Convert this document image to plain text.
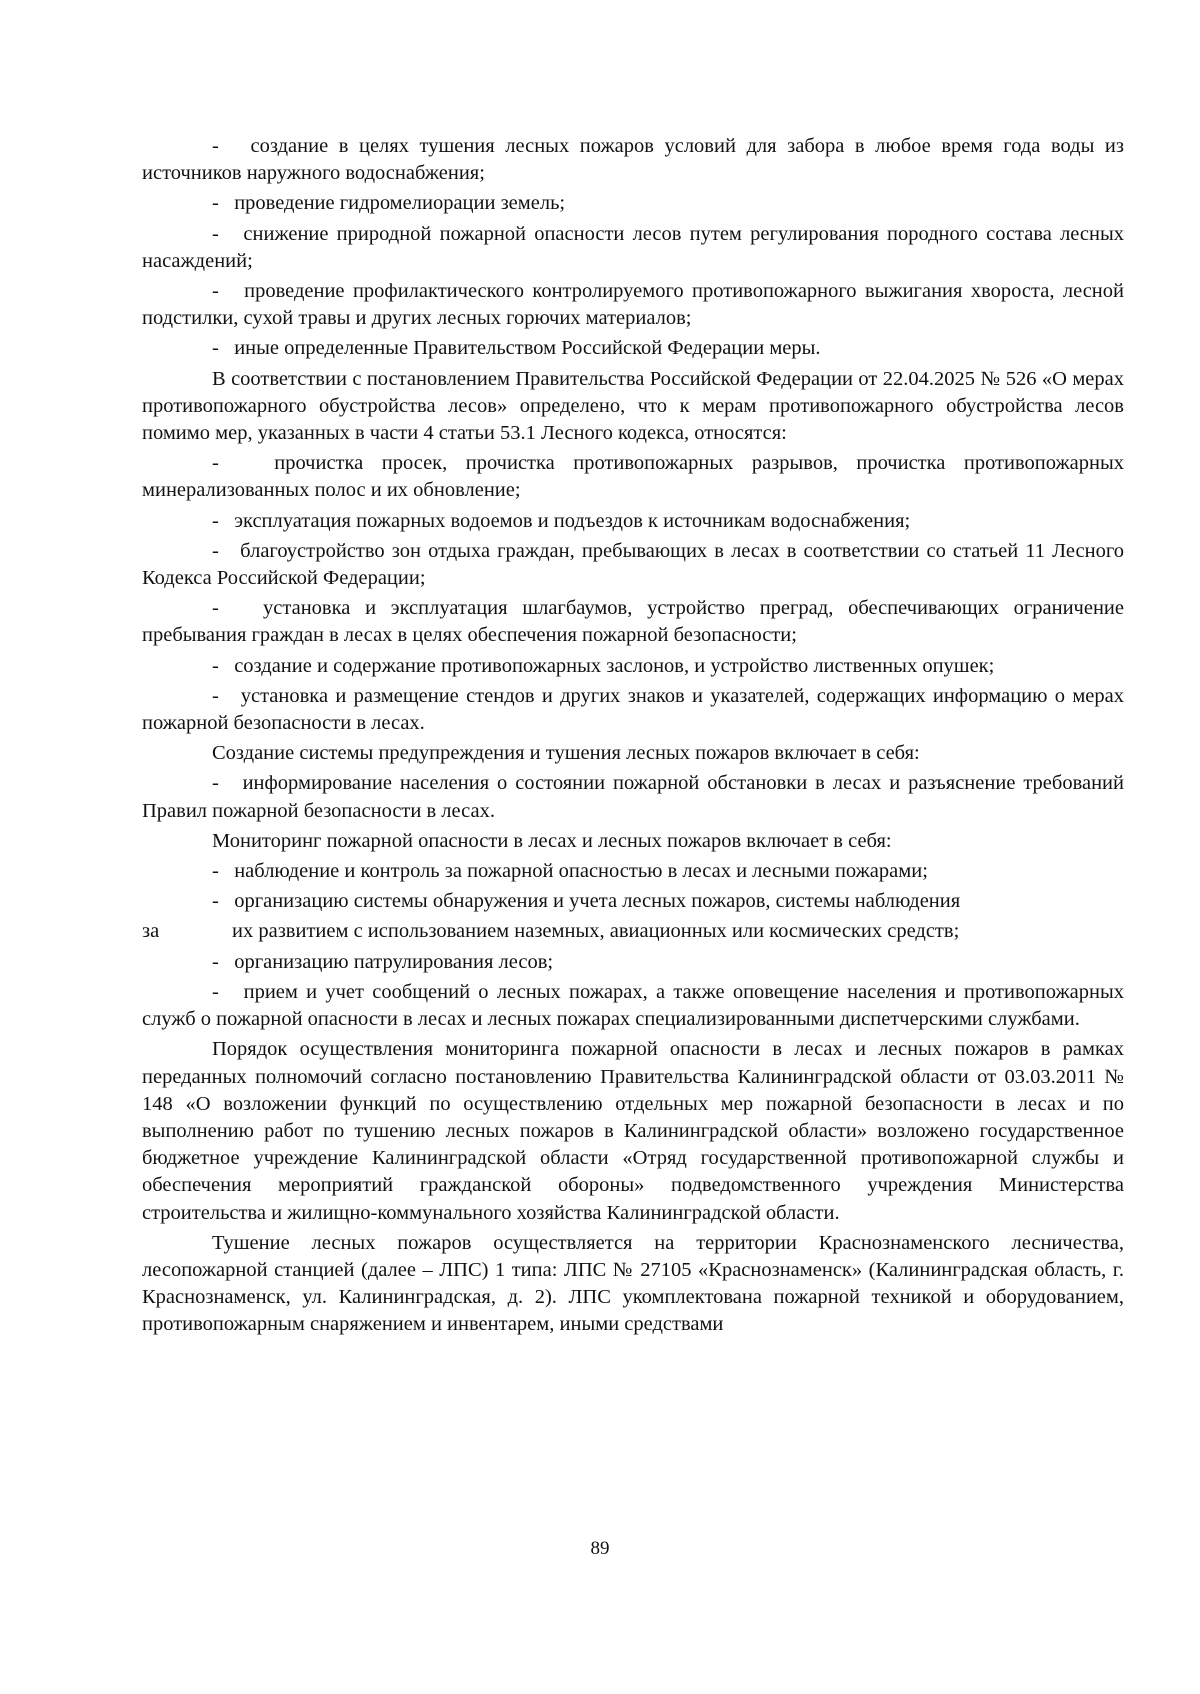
-   создание в целях тушения лесных пожаров условий для забора в любое время года воды из источников наружного водоснабжения;

-   проведение гидромелиорации земель;

-   снижение природной пожарной опасности лесов путем регулирования породного состава лесных насаждений;

-   проведение профилактического контролируемого противопожарного выжигания хвороста, лесной подстилки, сухой травы и других лесных горючих материалов;

-   иные определенные Правительством Российской Федерации меры.

В соответствии с постановлением Правительства Российской Федерации от 22.04.2025 № 526 «О мерах противопожарного обустройства лесов» определено, что к мерам противопожарного обустройства лесов помимо мер, указанных в части 4 статьи 53.1 Лесного кодекса, относятся:

-   прочистка просек, прочистка противопожарных разрывов, прочистка противопожарных минерализованных полос и их обновление;

-   эксплуатация пожарных водоемов и подъездов к источникам водоснабжения;

-   благоустройство зон отдыха граждан, пребывающих в лесах в соответствии со статьей 11 Лесного Кодекса Российской Федерации;

-   установка и эксплуатация шлагбаумов, устройство преград, обеспечивающих ограничение пребывания граждан в лесах в целях обеспечения пожарной безопасности;

-   создание и содержание противопожарных заслонов, и устройство лиственных опушек;

-   установка и размещение стендов и других знаков и указателей, содержащих информацию о мерах пожарной безопасности в лесах.

Создание системы предупреждения и тушения лесных пожаров включает в себя:

-   информирование населения о состоянии пожарной обстановки в лесах и разъяснение требований Правил пожарной безопасности в лесах.

Мониторинг пожарной опасности в лесах и лесных пожаров включает в себя:

-   наблюдение и контроль за пожарной опасностью в лесах и лесными пожарами;

-   организацию системы обнаружения и учета лесных пожаров, системы наблюдения

за	их развитием с использованием наземных, авиационных или космических средств;

-   организацию патрулирования лесов;

-   прием и учет сообщений о лесных пожарах, а также оповещение населения и противопожарных служб о пожарной опасности в лесах и лесных пожарах специализированными диспетчерскими службами.

Порядок осуществления мониторинга пожарной опасности в лесах и лесных пожаров в рамках переданных полномочий согласно постановлению Правительства Калининградской области от 03.03.2011 № 148 «О возложении функций по осуществлению отдельных мер пожарной безопасности в лесах и по выполнению работ по тушению лесных пожаров в Калининградской области» возложено государственное бюджетное учреждение Калининградской области «Отряд государственной противопожарной службы и обеспечения мероприятий гражданской обороны» подведомственного учреждения Министерства строительства и жилищно-коммунального хозяйства Калининградской области.

Тушение лесных пожаров осуществляется на территории Краснознаменского лесничества, лесопожарной станцией (далее – ЛПС) 1 типа: ЛПС № 27105 «Краснознаменск» (Калининградская область, г. Краснознаменск, ул. Калининградская, д. 2). ЛПС укомплектована пожарной техникой и оборудованием, противопожарным снаряжением и инвентарем, иными средствами

89
